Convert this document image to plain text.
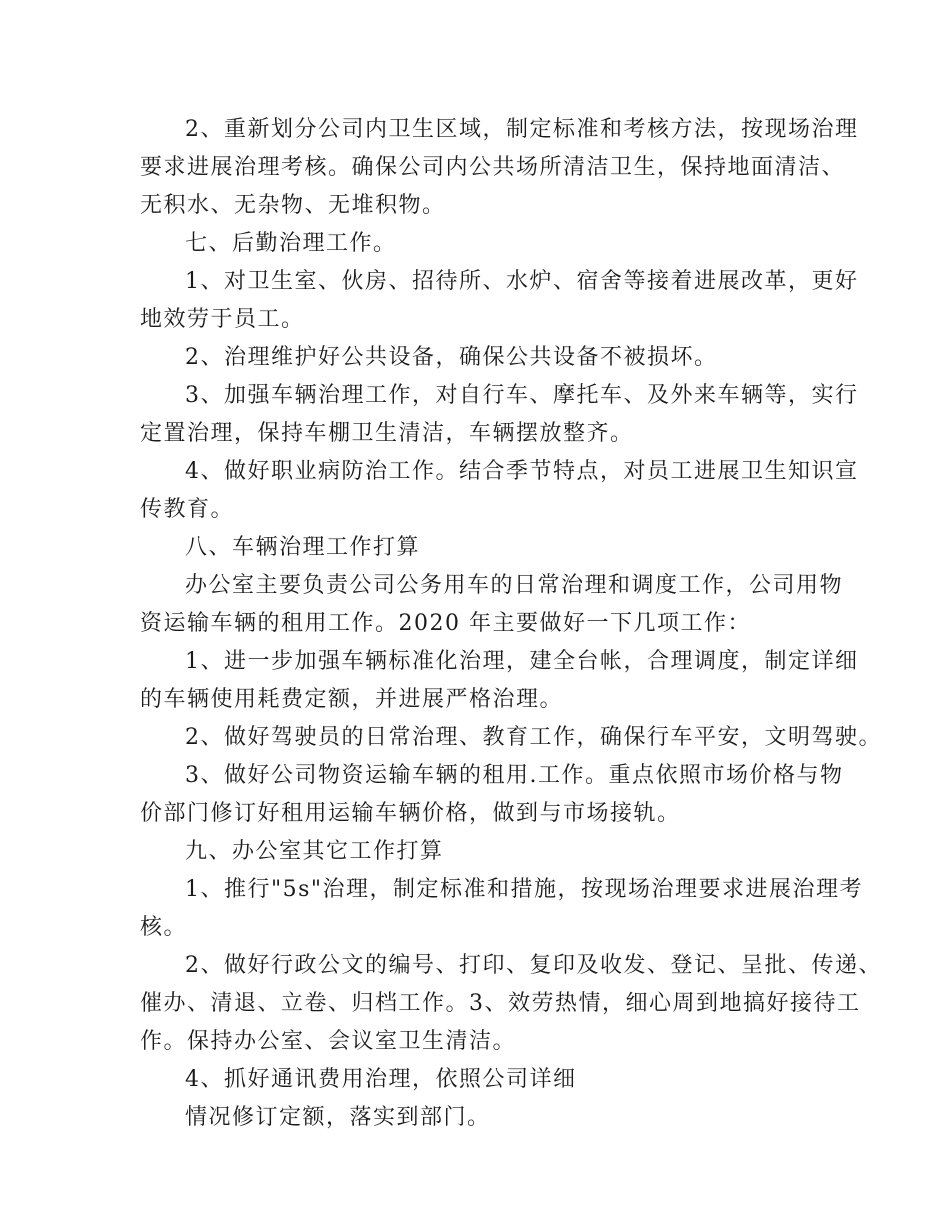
2、重新划分公司内卫生区域，制定标准和考核方法，按现场治理
要求进展治理考核。确保公司内公共场所清洁卫生，保持地面清洁、
无积水、无杂物、无堆积物。
七、后勤治理工作。
1、对卫生室、伙房、招待所、水炉、宿舍等接着进展改革，更好
地效劳于员工。
2、治理维护好公共设备，确保公共设备不被损坏。
3、加强车辆治理工作，对自行车、摩托车、及外来车辆等，实行
定置治理，保持车棚卫生清洁，车辆摆放整齐。
4、做好职业病防治工作。结合季节特点，对员工进展卫生知识宣
传教育。
八、车辆治理工作打算
办公室主要负责公司公务用车的日常治理和调度工作，公司用物
资运输车辆的租用工作。2020 年主要做好一下几项工作：
1、进一步加强车辆标准化治理，建全台帐，合理调度，制定详细
的车辆使用耗费定额，并进展严格治理。
2、做好驾驶员的日常治理、教育工作，确保行车平安，文明驾驶。
3、做好公司物资运输车辆的租用.工作。重点依照市场价格与物
价部门修订好租用运输车辆价格，做到与市场接轨。
九、办公室其它工作打算
1、推行"5s"治理，制定标准和措施，按现场治理要求进展治理考
核。
2、做好行政公文的编号、打印、复印及收发、登记、呈批、传递、
催办、清退、立卷、归档工作。3、效劳热情，细心周到地搞好接待工
作。保持办公室、会议室卫生清洁。
4、抓好通讯费用治理，依照公司详细
情况修订定额，落实到部门。
